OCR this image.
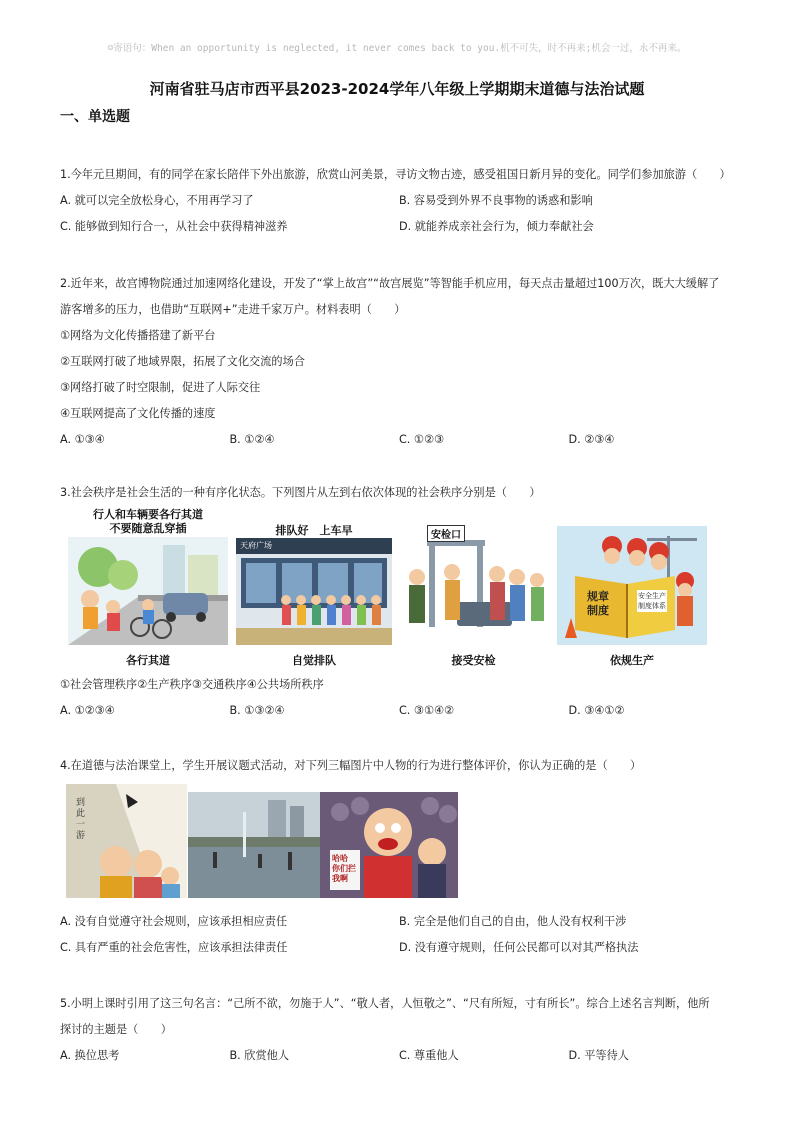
☺寄语句：When an opportunity is neglected, it never comes back to you.机不可失，时不再来;机会一过，永不再来。
河南省驻马店市西平县2023-2024学年八年级上学期期末道德与法治试题
一、单选题
1.今年元旦期间，有的同学在家长陪伴下外出旅游，欣赏山河美景，寻访文物古迹，感受祖国日新月异的变化。同学们参加旅游（　　）
A. 就可以完全放松身心，不用再学习了	B. 容易受到外界不良事物的诱惑和影响
C. 能够做到知行合一，从社会中获得精神滋养	D. 就能养成亲社会行为，倾力奉献社会
2.近年来，故宫博物院通过加速网络化建设，开发了“掌上故宫”“故宫展览”等智能手机应用，每天点击量超过100万次，既大大缓解了
游客增多的压力，也借助“互联网+”走进千家万户。材料表明（　　）
①网络为文化传播搭建了新平台
②互联网打破了地域界限，拓展了文化交流的场合
③网络打破了时空限制，促进了人际交往
④互联网提高了文化传播的速度
A. ①③④	B. ①②④	C. ①②③	D. ②③④
3.社会秩序是社会生活的一种有序化状态。下列图片从左到右依次体现的社会秩序分别是（　　）
行人和车辆要各行其道
不要随意乱穿插
各行其道
排队好　上车早
天府广场
自觉排队
安检口
接受安检
规章
制度
安全生产
制度体系
依规生产
①社会管理秩序②生产秩序③交通秩序④公共场所秩序
A. ①②③④	B. ①③②④	C. ③①④②	D. ③④①②
4.在道德与法治课堂上，学生开展议题式活动，对下列三幅图片中人物的行为进行整体评价，你认为正确的是（　　）
到此一游
哈哈 你们拦我啊
A. 没有自觉遵守社会规则，应该承担相应责任	B. 完全是他们自己的自由，他人没有权利干涉
C. 具有严重的社会危害性，应该承担法律责任	D. 没有遵守规则，任何公民都可以对其严格执法
5.小明上课时引用了这三句名言：“己所不欲，勿施于人”、“敬人者，人恒敬之”、“尺有所短，寸有所长”。综合上述名言判断，他所
探讨的主题是（　　）
A. 换位思考	B. 欣赏他人	C. 尊重他人	D. 平等待人
